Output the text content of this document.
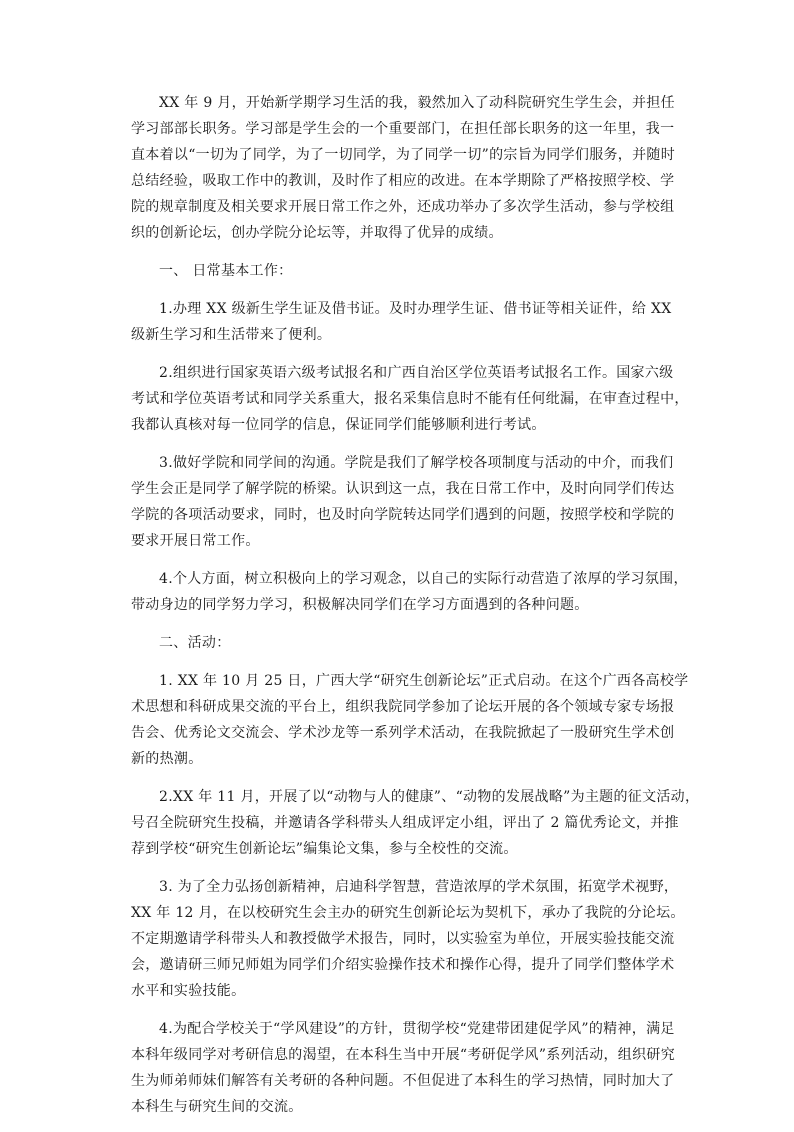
XX 年 9 月，开始新学期学习生活的我，毅然加入了动科院研究生学生会，并担任
学习部部长职务。学习部是学生会的一个重要部门，在担任部长职务的这一年里，我一
直本着以“一切为了同学，为了一切同学，为了同学一切”的宗旨为同学们服务，并随时
总结经验，吸取工作中的教训，及时作了相应的改进。在本学期除了严格按照学校、学
院的规章制度及相关要求开展日常工作之外，还成功举办了多次学生活动，参与学校组
织的创新论坛，创办学院分论坛等，并取得了优异的成绩。
一、 日常基本工作：
1.办理 XX 级新生学生证及借书证。及时办理学生证、借书证等相关证件，给 XX
级新生学习和生活带来了便利。
2.组织进行国家英语六级考试报名和广西自治区学位英语考试报名工作。国家六级
考试和学位英语考试和同学关系重大，报名采集信息时不能有任何纰漏，在审查过程中，
我都认真核对每一位同学的信息，保证同学们能够顺利进行考试。
3.做好学院和同学间的沟通。学院是我们了解学校各项制度与活动的中介，而我们
学生会正是同学了解学院的桥梁。认识到这一点，我在日常工作中，及时向同学们传达
学院的各项活动要求，同时，也及时向学院转达同学们遇到的问题，按照学校和学院的
要求开展日常工作。
4.个人方面，树立积极向上的学习观念，以自己的实际行动营造了浓厚的学习氛围，
带动身边的同学努力学习，积极解决同学们在学习方面遇到的各种问题。
二、活动：
1. XX 年 10 月 25 日，广西大学“研究生创新论坛”正式启动。在这个广西各高校学
术思想和科研成果交流的平台上，组织我院同学参加了论坛开展的各个领域专家专场报
告会、优秀论文交流会、学术沙龙等一系列学术活动，在我院掀起了一股研究生学术创
新的热潮。
2.XX 年 11 月，开展了以“动物与人的健康”、“动物的发展战略”为主题的征文活动，
号召全院研究生投稿，并邀请各学科带头人组成评定小组，评出了 2 篇优秀论文，并推
荐到学校“研究生创新论坛”编集论文集，参与全校性的交流。
3. 为了全力弘扬创新精神，启迪科学智慧，营造浓厚的学术氛围，拓宽学术视野，
XX 年 12 月，在以校研究生会主办的研究生创新论坛为契机下，承办了我院的分论坛。
不定期邀请学科带头人和教授做学术报告，同时，以实验室为单位，开展实验技能交流
会，邀请研三师兄师姐为同学们介绍实验操作技术和操作心得，提升了同学们整体学术
水平和实验技能。
4.为配合学校关于“学风建设”的方针，贯彻学校“党建带团建促学风”的精神，满足
本科年级同学对考研信息的渴望，在本科生当中开展“考研促学风”系列活动，组织研究
生为师弟师妹们解答有关考研的各种问题。不但促进了本科生的学习热情，同时加大了
本科生与研究生间的交流。
